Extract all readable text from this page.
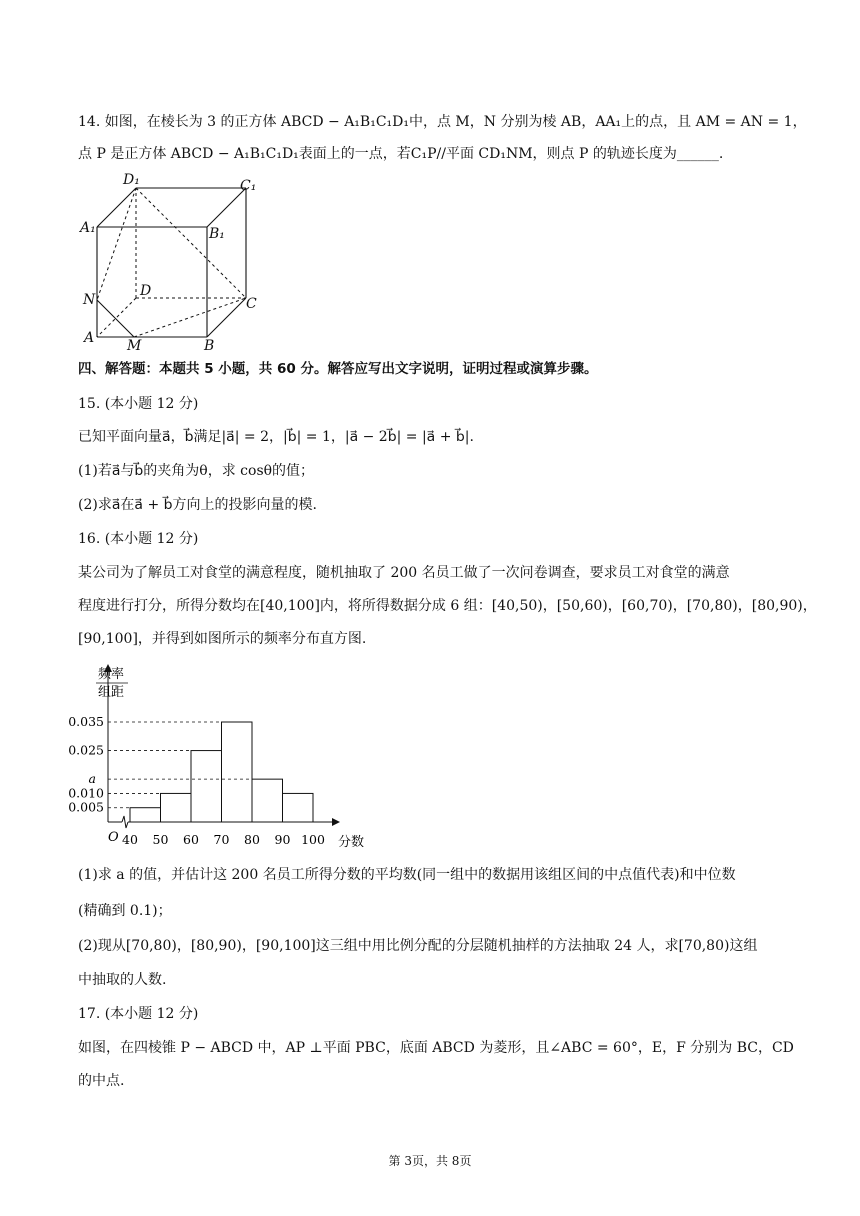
14. 如图，在棱长为 3 的正方体 ABCD − A₁B₁C₁D₁中，点 M，N 分别为棱 AB，AA₁上的点，且 AM = AN = 1，
点 P 是正方体 ABCD − A₁B₁C₁D₁表面上的一点，若C₁P//平面 CD₁NM，则点 P 的轨迹长度为______.
D₁	C₁
A₁	B₁
D
C
N
A M	B
四、解答题：本题共 5 小题，共 60 分。解答应写出文字说明，证明过程或演算步骤。
15. (本小题 12 分)
已知平面向量a⃗，b⃗满足|a⃗| = 2，|b⃗| = 1，|a⃗ − 2b⃗| = |a⃗ + b⃗|.
(1)若a⃗与b⃗的夹角为θ，求 cosθ的值；
(2)求a⃗在a⃗ + b⃗方向上的投影向量的模.
16. (本小题 12 分)
某公司为了解员工对食堂的满意程度，随机抽取了 200 名员工做了一次问卷调查，要求员工对食堂的满意
程度进行打分，所得分数均在[40,100]内，将所得数据分成 6 组：[40,50)，[50,60)，[60,70)，[70,80)，[80,90)，
[90,100]，并得到如图所示的频率分布直方图.
频率
组距
分数
O
0.035
0.025
a
0.010
0.005
40 50 60 70 80 90 100
(1)求 a 的值，并估计这 200 名员工所得分数的平均数(同一组中的数据用该组区间的中点值代表)和中位数
(精确到 0.1)；
(2)现从[70,80)，[80,90)，[90,100]这三组中用比例分配的分层随机抽样的方法抽取 24 人，求[70,80)这组
中抽取的人数.
17. (本小题 12 分)
如图，在四棱锥 P − ABCD 中，AP ⊥平面 PBC，底面 ABCD 为菱形，且∠ABC = 60°，E，F 分别为 BC，CD
的中点.
第 3页，共 8页
